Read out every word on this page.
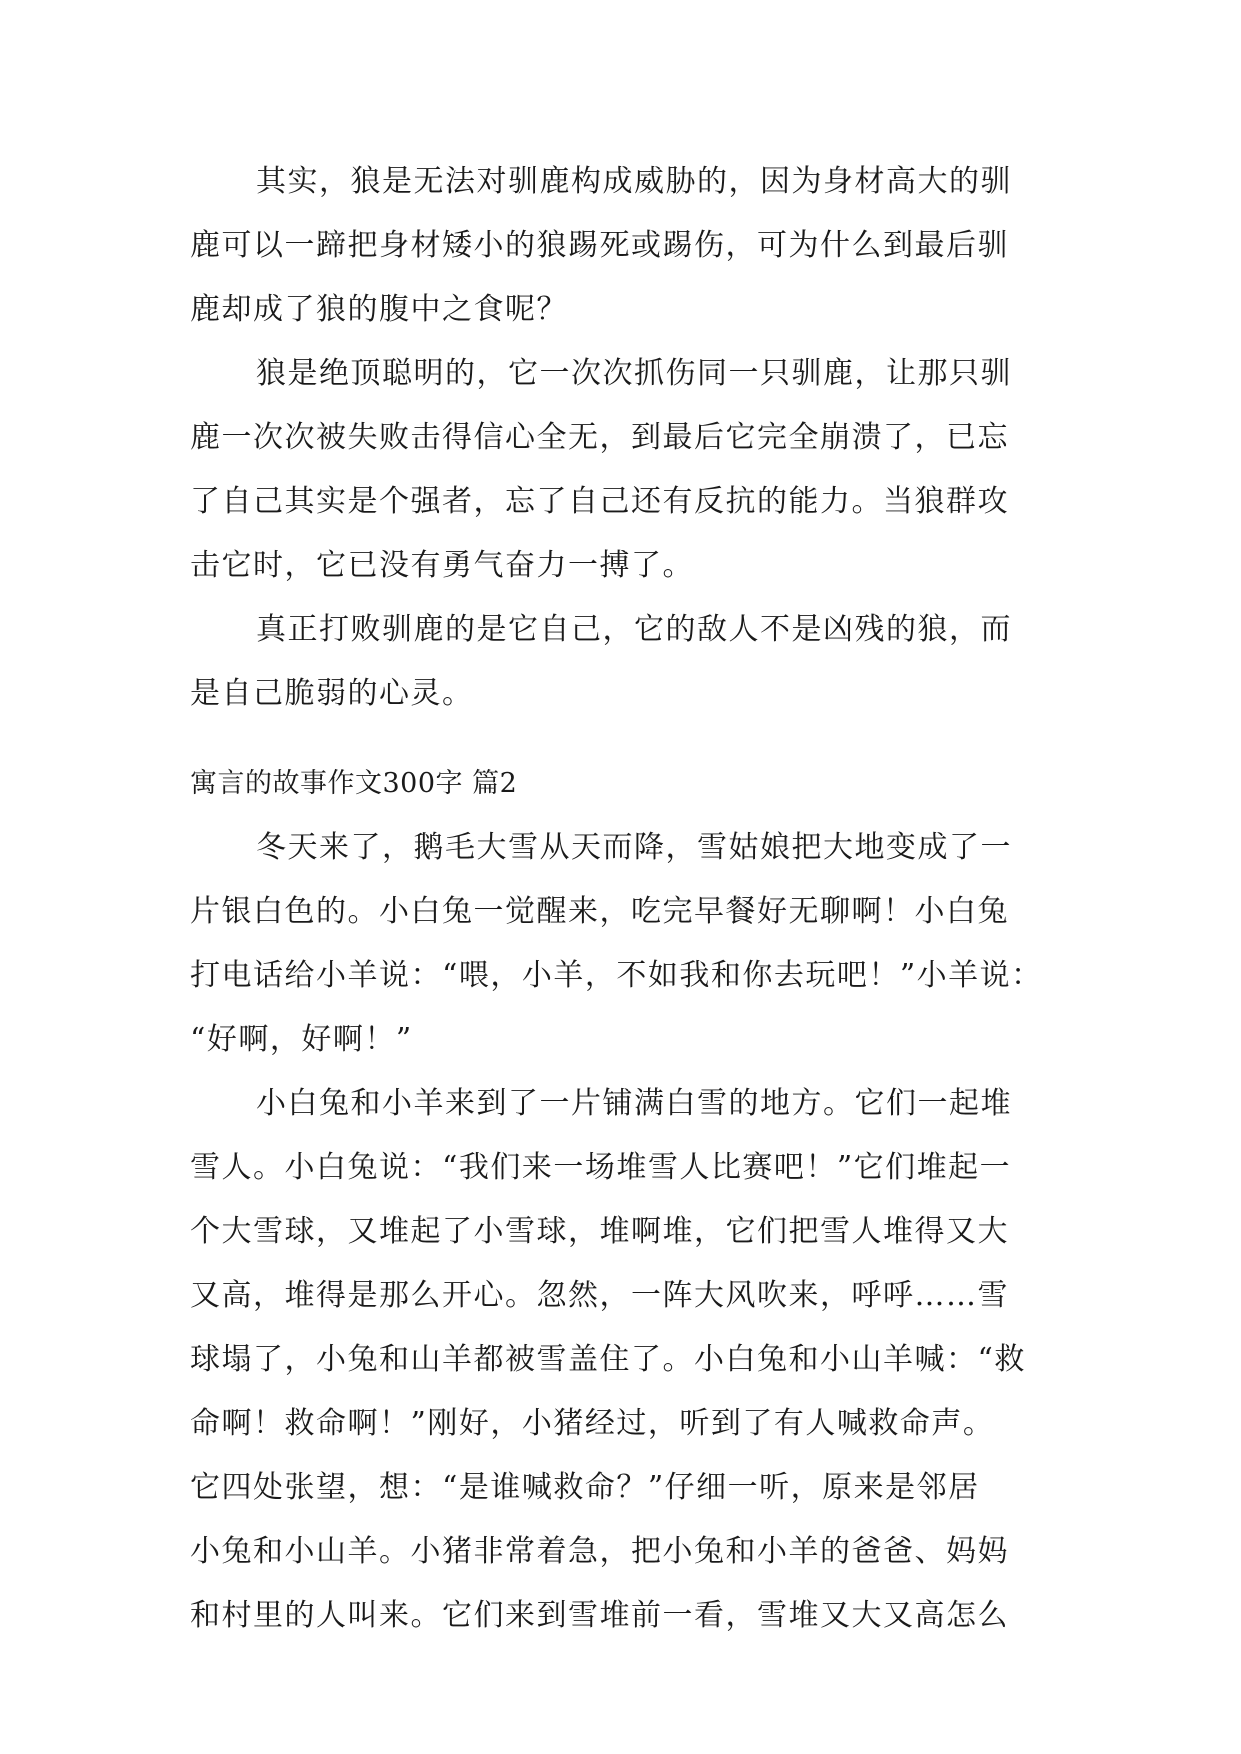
其实，狼是无法对驯鹿构成威胁的，因为身材高大的驯
鹿可以一蹄把身材矮小的狼踢死或踢伤，可为什么到最后驯
鹿却成了狼的腹中之食呢？
狼是绝顶聪明的，它一次次抓伤同一只驯鹿，让那只驯
鹿一次次被失败击得信心全无，到最后它完全崩溃了，已忘
了自己其实是个强者，忘了自己还有反抗的能力。当狼群攻
击它时，它已没有勇气奋力一搏了。
真正打败驯鹿的是它自己，它的敌人不是凶残的狼，而
是自己脆弱的心灵。
寓言的故事作文300字 篇2
冬天来了，鹅毛大雪从天而降，雪姑娘把大地变成了一
片银白色的。小白兔一觉醒来，吃完早餐好无聊啊！小白兔
打电话给小羊说：“喂，小羊，不如我和你去玩吧！”小羊说：
“好啊，好啊！”
小白兔和小羊来到了一片铺满白雪的地方。它们一起堆
雪人。小白兔说：“我们来一场堆雪人比赛吧！”它们堆起一
个大雪球，又堆起了小雪球，堆啊堆，它们把雪人堆得又大
又高，堆得是那么开心。忽然，一阵大风吹来，呼呼……雪
球塌了，小兔和山羊都被雪盖住了。小白兔和小山羊喊：“救
命啊！救命啊！”刚好，小猪经过，听到了有人喊救命声。
它四处张望，想：“是谁喊救命？”仔细一听，原来是邻居
小兔和小山羊。小猪非常着急，把小兔和小羊的爸爸、妈妈
和村里的人叫来。它们来到雪堆前一看，雪堆又大又高怎么
